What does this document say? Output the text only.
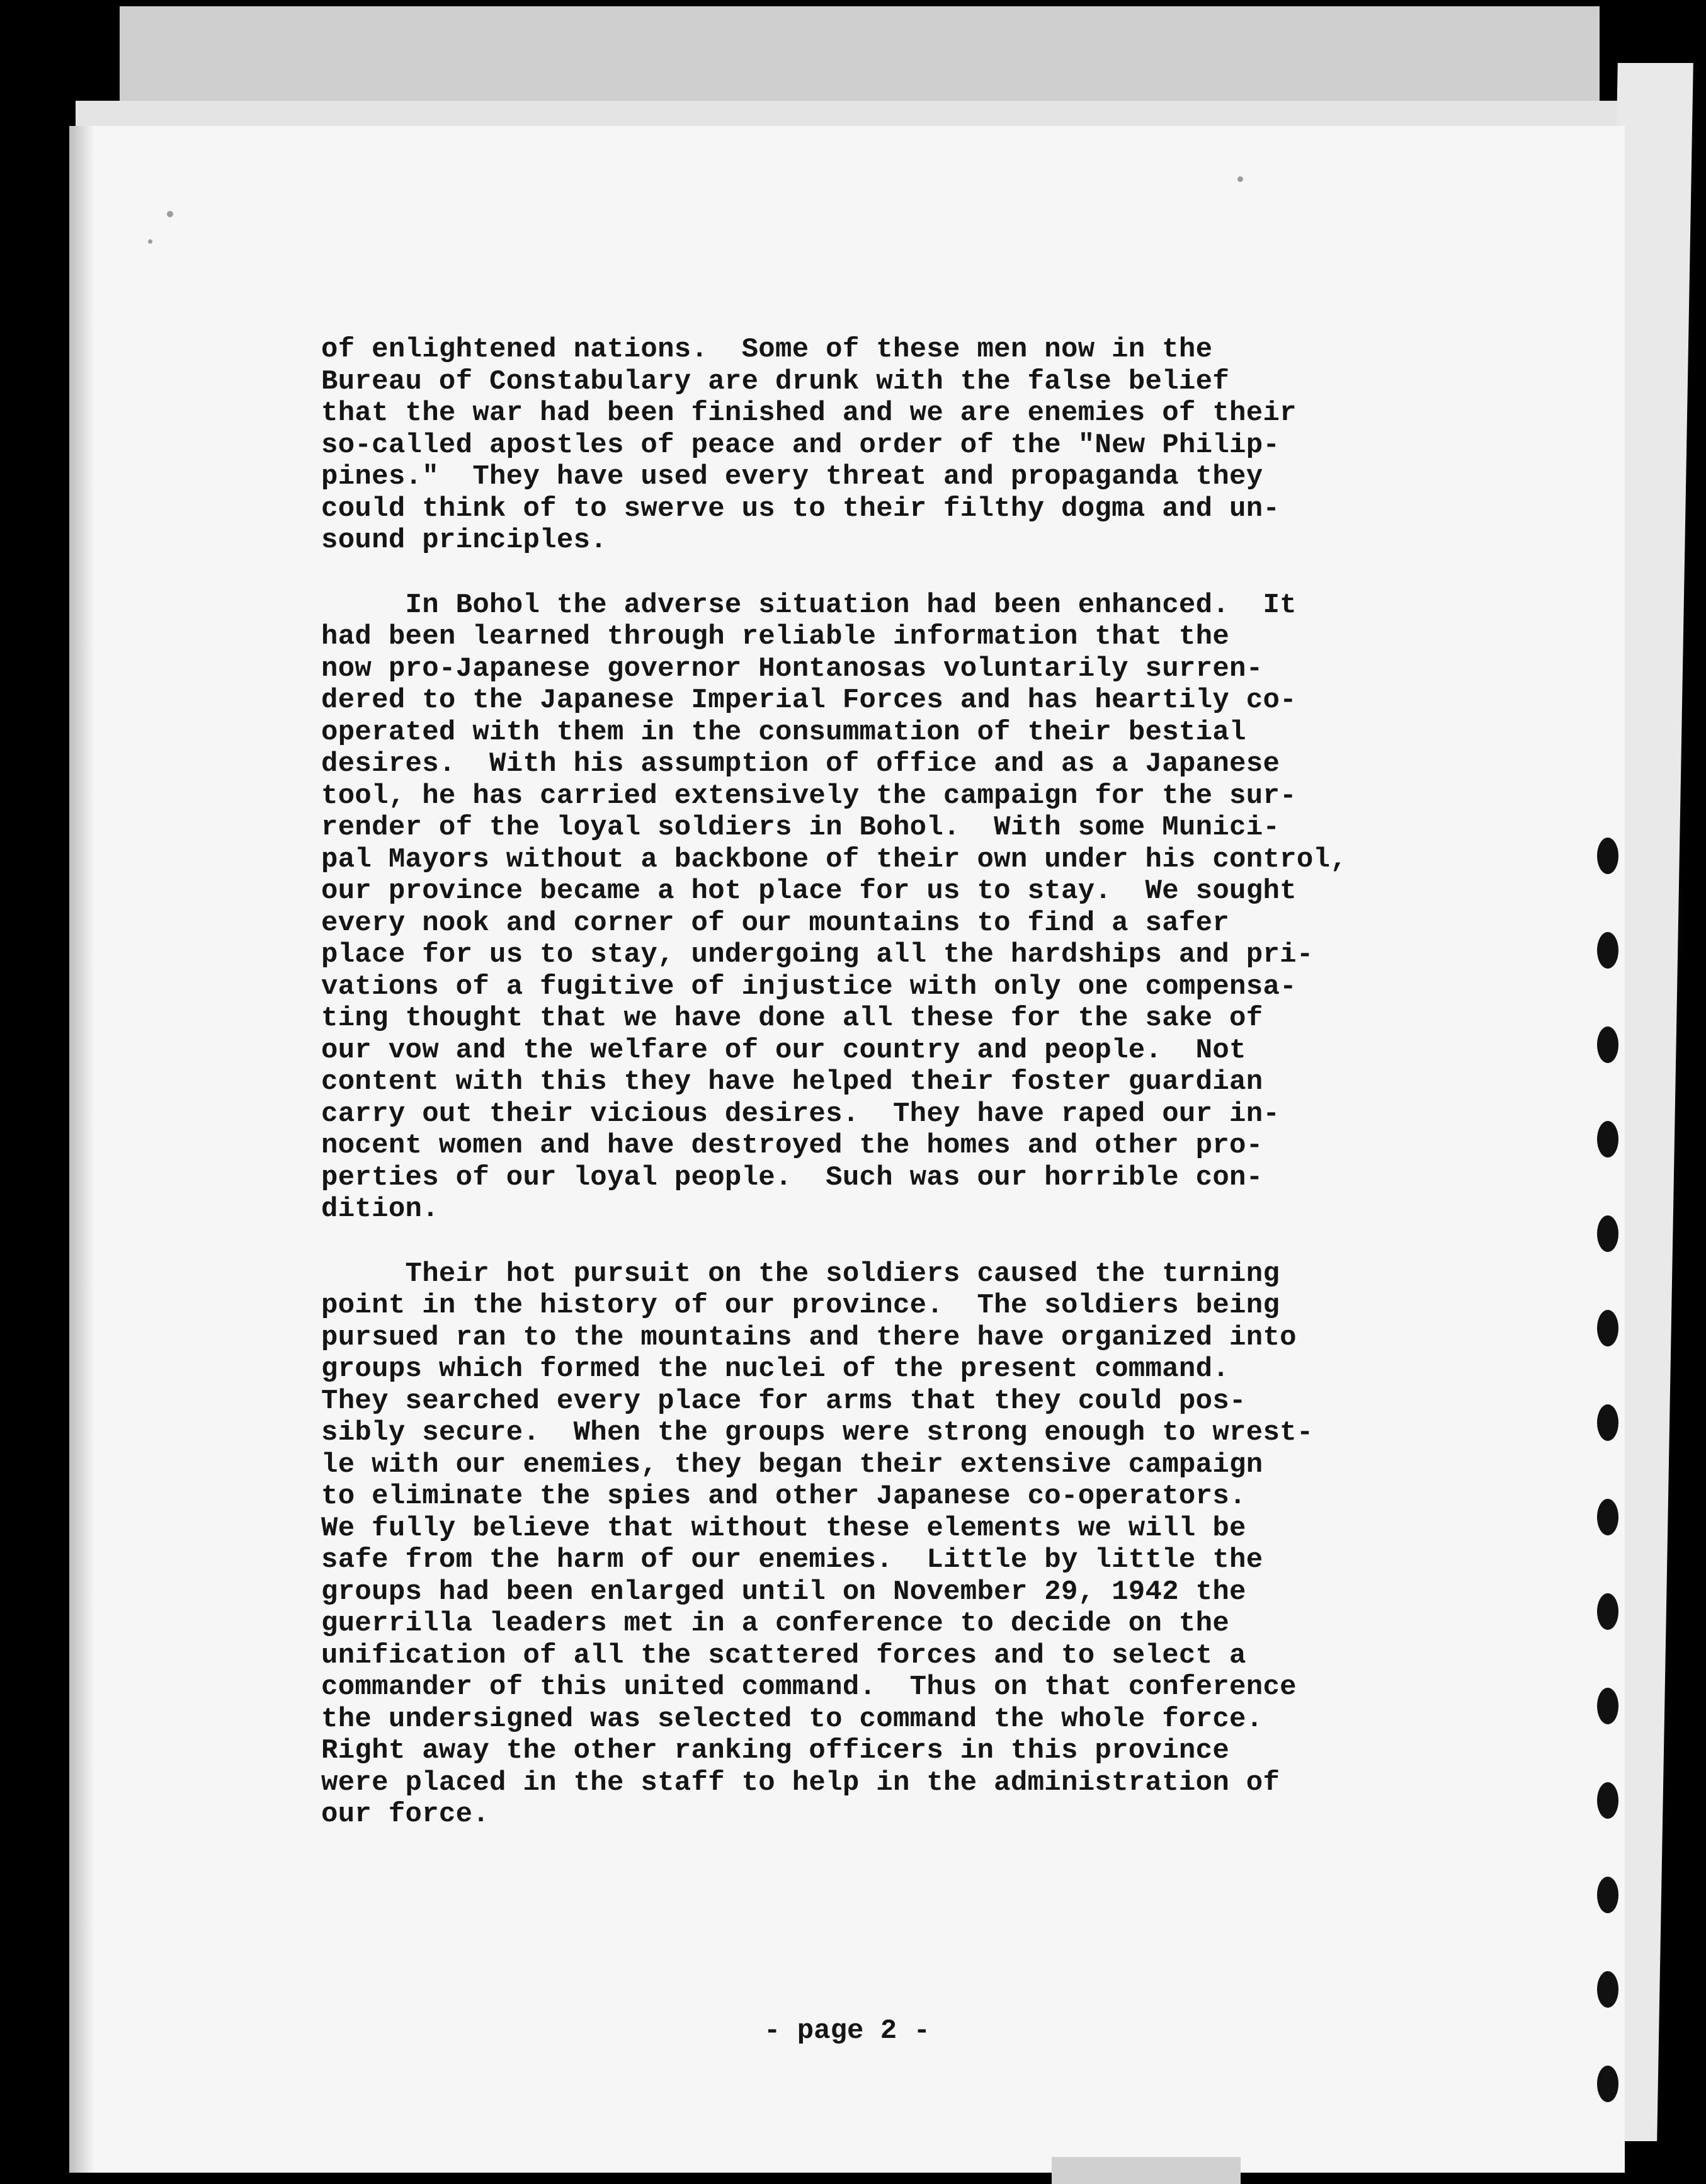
of enlightened nations.  Some of these men now in the
Bureau of Constabulary are drunk with the false belief
that the war had been finished and we are enemies of their
so-called apostles of peace and order of the "New Philip-
pines."  They have used every threat and propaganda they
could think of to swerve us to their filthy dogma and un-
sound principles.
In Bohol the adverse situation had been enhanced.  It
had been learned through reliable information that the
now pro-Japanese governor Hontanosas voluntarily surren-
dered to the Japanese Imperial Forces and has heartily co-
operated with them in the consummation of their bestial
desires.  With his assumption of office and as a Japanese
tool, he has carried extensively the campaign for the sur-
render of the loyal soldiers in Bohol.  With some Munici-
pal Mayors without a backbone of their own under his control,
our province became a hot place for us to stay.  We sought
every nook and corner of our mountains to find a safer
place for us to stay, undergoing all the hardships and pri-
vations of a fugitive of injustice with only one compensa-
ting thought that we have done all these for the sake of
our vow and the welfare of our country and people.  Not
content with this they have helped their foster guardian
carry out their vicious desires.  They have raped our in-
nocent women and have destroyed the homes and other pro-
perties of our loyal people.  Such was our horrible con-
dition.
Their hot pursuit on the soldiers caused the turning
point in the history of our province.  The soldiers being
pursued ran to the mountains and there have organized into
groups which formed the nuclei of the present command.
They searched every place for arms that they could pos-
sibly secure.  When the groups were strong enough to wrest-
le with our enemies, they began their extensive campaign
to eliminate the spies and other Japanese co-operators.
We fully believe that without these elements we will be
safe from the harm of our enemies.  Little by little the
groups had been enlarged until on November 29, 1942 the
guerrilla leaders met in a conference to decide on the
unification of all the scattered forces and to select a
commander of this united command.  Thus on that conference
the undersigned was selected to command the whole force.
Right away the other ranking officers in this province
were placed in the staff to help in the administration of
our force.
- page 2 -
